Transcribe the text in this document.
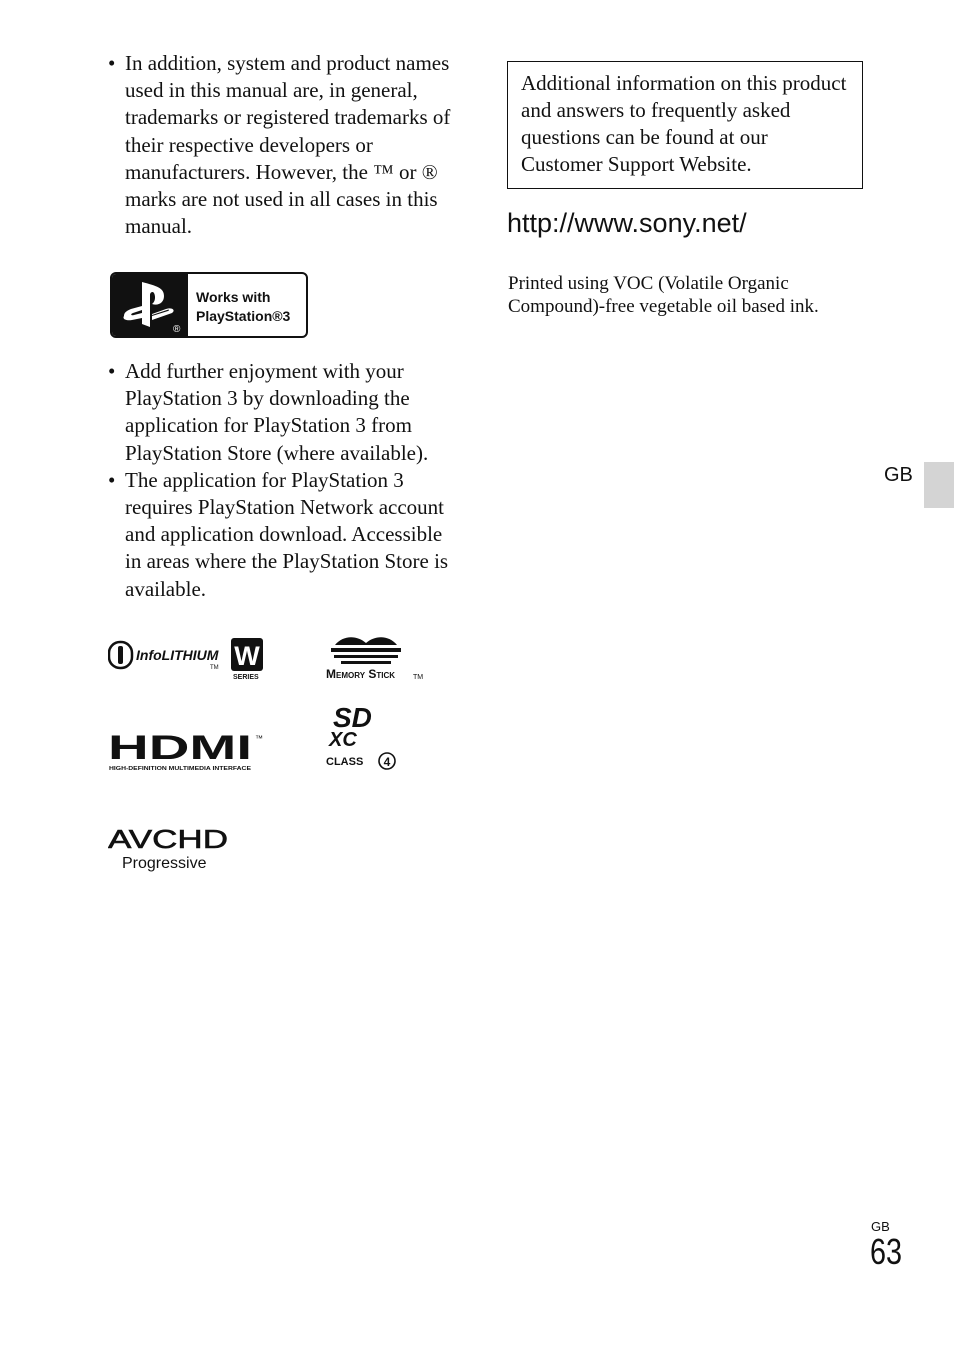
• In addition, system and product names used in this manual are, in general, trademarks or registered trademarks of their respective developers or manufacturers. However, the ™ or ® marks are not used in all cases in this manual.
®
Works with
PlayStation®3
• Add further enjoyment with your PlayStation 3 by downloading the application for PlayStation 3 from PlayStation Store (where available).
• The application for PlayStation 3 requires PlayStation Network account and application download. Accessible in areas where the PlayStation Store is available.
InfoLITHIUM
TM W
SERIES	Memory Stick	TM
HDMI ™
HIGH-DEFINITION MULTIMEDIA INTERFACE
SD
XC
CLASS 4
AVCHD
Progressive
Additional information on this product and answers to frequently asked questions can be found at our Customer Support Website.
http://www.sony.net/
Printed using VOC (Volatile Organic Compound)-free vegetable oil based ink.
GB
GB
63
